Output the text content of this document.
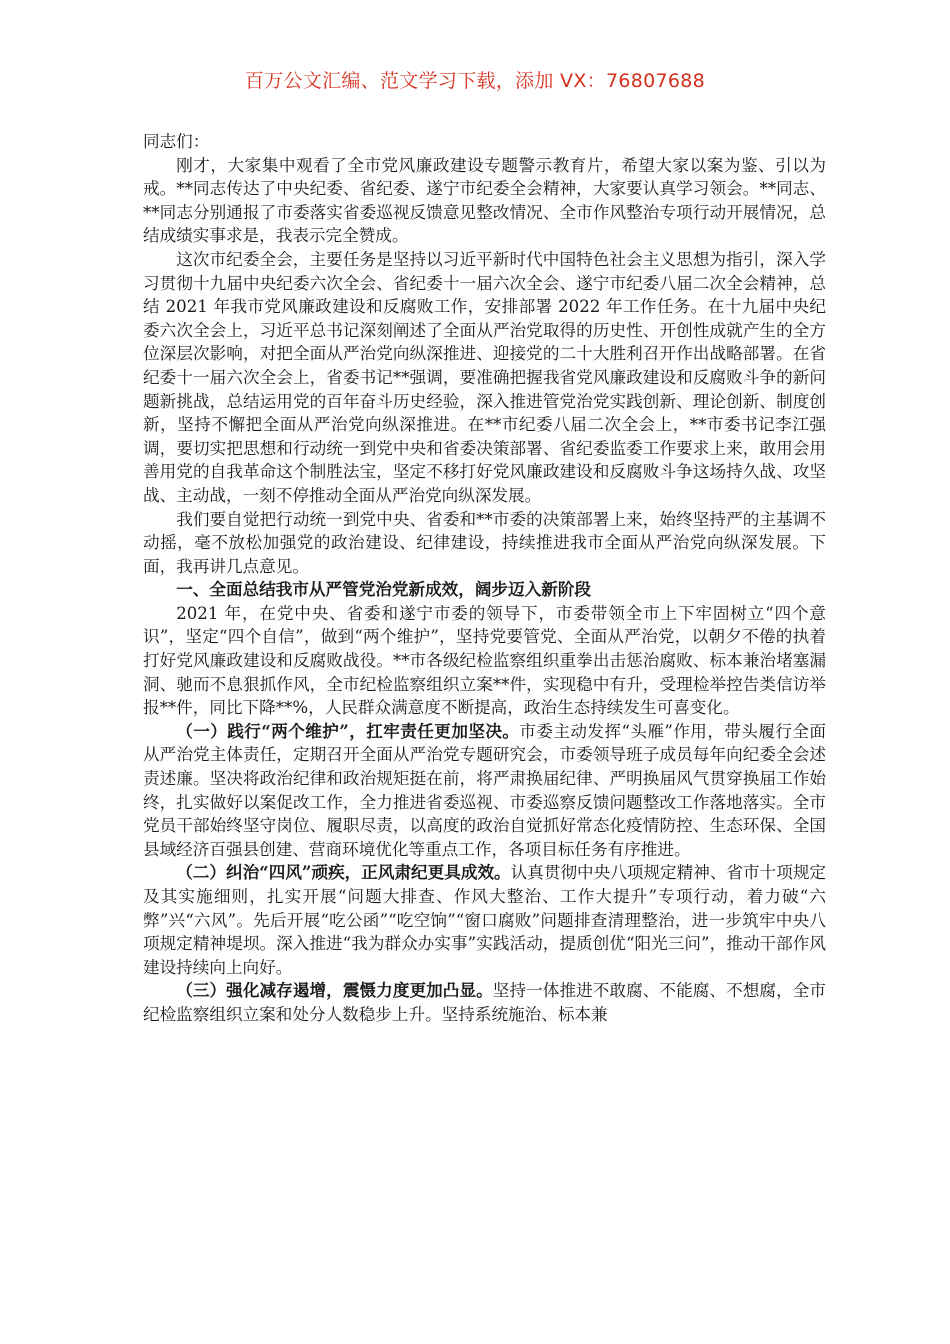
百万公文汇编、范文学习下载，添加 VX：76807688

同志们：

刚才，大家集中观看了全市党风廉政建设专题警示教育片，希望大家以案为鉴、引以为戒。**同志传达了中央纪委、省纪委、遂宁市纪委全会精神，大家要认真学习领会。**同志、**同志分别通报了市委落实省委巡视反馈意见整改情况、全市作风整治专项行动开展情况，总结成绩实事求是，我表示完全赞成。

这次市纪委全会，主要任务是坚持以习近平新时代中国特色社会主义思想为指引，深入学习贯彻十九届中央纪委六次全会、省纪委十一届六次全会、遂宁市纪委八届二次全会精神，总结 2021 年我市党风廉政建设和反腐败工作，安排部署 2022 年工作任务。在十九届中央纪委六次全会上，习近平总书记深刻阐述了全面从严治党取得的历史性、开创性成就产生的全方位深层次影响，对把全面从严治党向纵深推进、迎接党的二十大胜利召开作出战略部署。在省纪委十一届六次全会上，省委书记**强调，要准确把握我省党风廉政建设和反腐败斗争的新问题新挑战，总结运用党的百年奋斗历史经验，深入推进管党治党实践创新、理论创新、制度创新，坚持不懈把全面从严治党向纵深推进。在**市纪委八届二次全会上，**市委书记李江强调，要切实把思想和行动统一到党中央和省委决策部署、省纪委监委工作要求上来，敢用会用善用党的自我革命这个制胜法宝，坚定不移打好党风廉政建设和反腐败斗争这场持久战、攻坚战、主动战，一刻不停推动全面从严治党向纵深发展。

我们要自觉把行动统一到党中央、省委和**市委的决策部署上来，始终坚持严的主基调不动摇，毫不放松加强党的政治建设、纪律建设，持续推进我市全面从严治党向纵深发展。下面，我再讲几点意见。

一、全面总结我市从严管党治党新成效，阔步迈入新阶段

2021 年，在党中央、省委和遂宁市委的领导下，市委带领全市上下牢固树立“四个意识”，坚定“四个自信”，做到“两个维护”，坚持党要管党、全面从严治党，以朝夕不倦的执着打好党风廉政建设和反腐败战役。**市各级纪检监察组织重拳出击惩治腐败、标本兼治堵塞漏洞、驰而不息狠抓作风，全市纪检监察组织立案**件，实现稳中有升，受理检举控告类信访举报**件，同比下降**%，人民群众满意度不断提高，政治生态持续发生可喜变化。

（一）践行“两个维护”，扛牢责任更加坚决。市委主动发挥“头雁”作用，带头履行全面从严治党主体责任，定期召开全面从严治党专题研究会，市委领导班子成员每年向纪委全会述责述廉。坚决将政治纪律和政治规矩挺在前，将严肃换届纪律、严明换届风气贯穿换届工作始终，扎实做好以案促改工作，全力推进省委巡视、市委巡察反馈问题整改工作落地落实。全市党员干部始终坚守岗位、履职尽责，以高度的政治自觉抓好常态化疫情防控、生态环保、全国县域经济百强县创建、营商环境优化等重点工作，各项目标任务有序推进。

（二）纠治“四风”顽疾，正风肃纪更具成效。认真贯彻中央八项规定精神、省市十项规定及其实施细则，扎实开展“问题大排查、作风大整治、工作大提升”专项行动，着力破“六弊”兴“六风”。先后开展“吃公函”“吃空饷”“窗口腐败”问题排查清理整治，进一步筑牢中央八项规定精神堤坝。深入推进“我为群众办实事”实践活动，提质创优“阳光三问”，推动干部作风建设持续向上向好。

（三）强化减存遏增，震慑力度更加凸显。坚持一体推进不敢腐、不能腐、不想腐，全市纪检监察组织立案和处分人数稳步上升。坚持系统施治、标本兼
